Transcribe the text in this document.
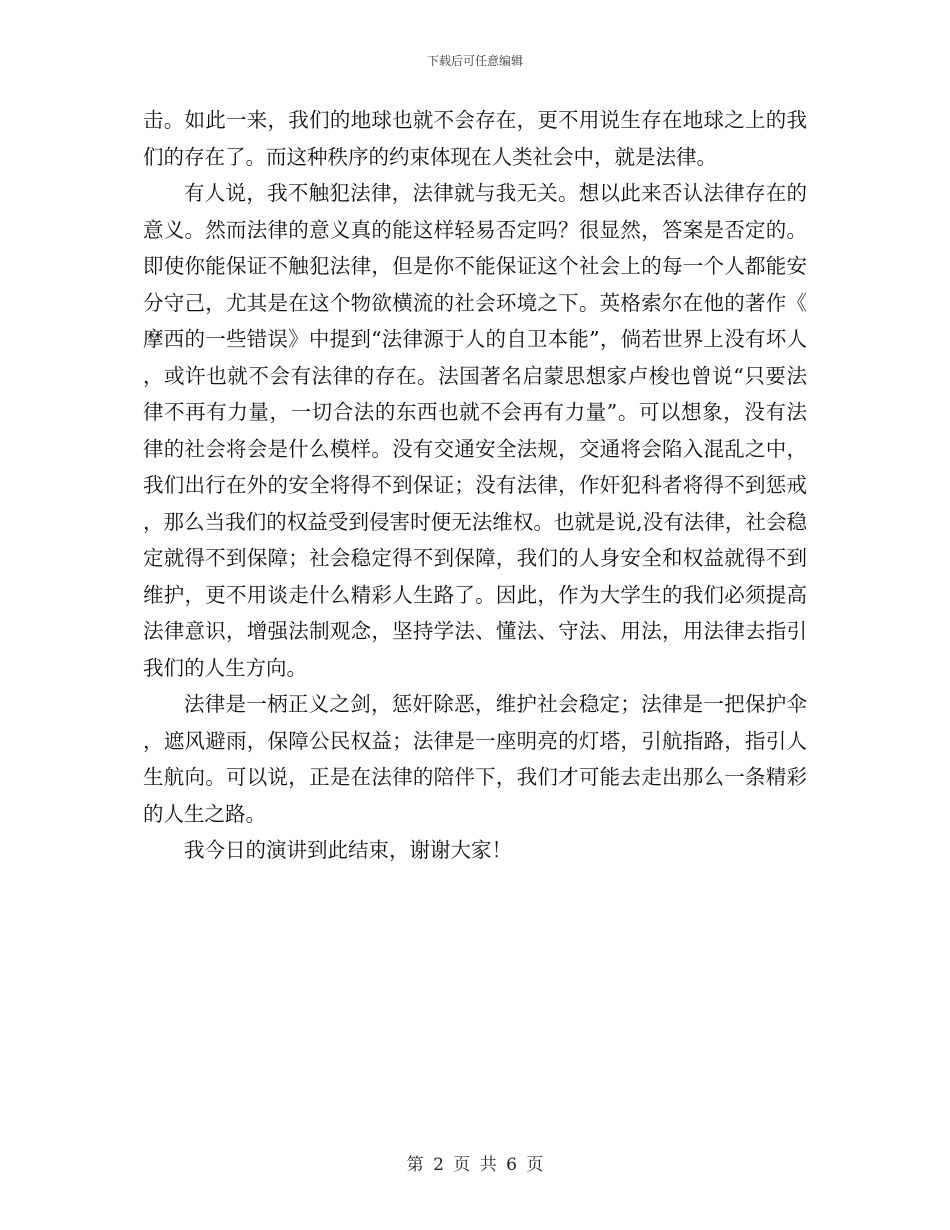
下载后可任意编辑

击。如此一来，我们的地球也就不会存在，更不用说生存在地球之上的我们的存在了。而这种秩序的约束体现在人类社会中，就是法律。

有人说，我不触犯法律，法律就与我无关。想以此来否认法律存在的意义。然而法律的意义真的能这样轻易否定吗？很显然，答案是否定的。即使你能保证不触犯法律，但是你不能保证这个社会上的每一个人都能安分守己，尤其是在这个物欲横流的社会环境之下。英格索尔在他的著作《摩西的一些错误》中提到“法律源于人的自卫本能”，倘若世界上没有坏人，或许也就不会有法律的存在。法国著名启蒙思想家卢梭也曾说“只要法律不再有力量，一切合法的东西也就不会再有力量”。可以想象，没有法律的社会将会是什么模样。没有交通安全法规，交通将会陷入混乱之中，我们出行在外的安全将得不到保证；没有法律，作奸犯科者将得不到惩戒，那么当我们的权益受到侵害时便无法维权。也就是说,没有法律，社会稳定就得不到保障；社会稳定得不到保障，我们的人身安全和权益就得不到维护，更不用谈走什么精彩人生路了。因此，作为大学生的我们必须提高法律意识，增强法制观念，坚持学法、懂法、守法、用法，用法律去指引我们的人生方向。

法律是一柄正义之剑，惩奸除恶，维护社会稳定；法律是一把保护伞，遮风避雨，保障公民权益；法律是一座明亮的灯塔，引航指路，指引人生航向。可以说，正是在法律的陪伴下，我们才可能去走出那么一条精彩的人生之路。

我今日的演讲到此结束，谢谢大家！

第 2 页 共 6 页
